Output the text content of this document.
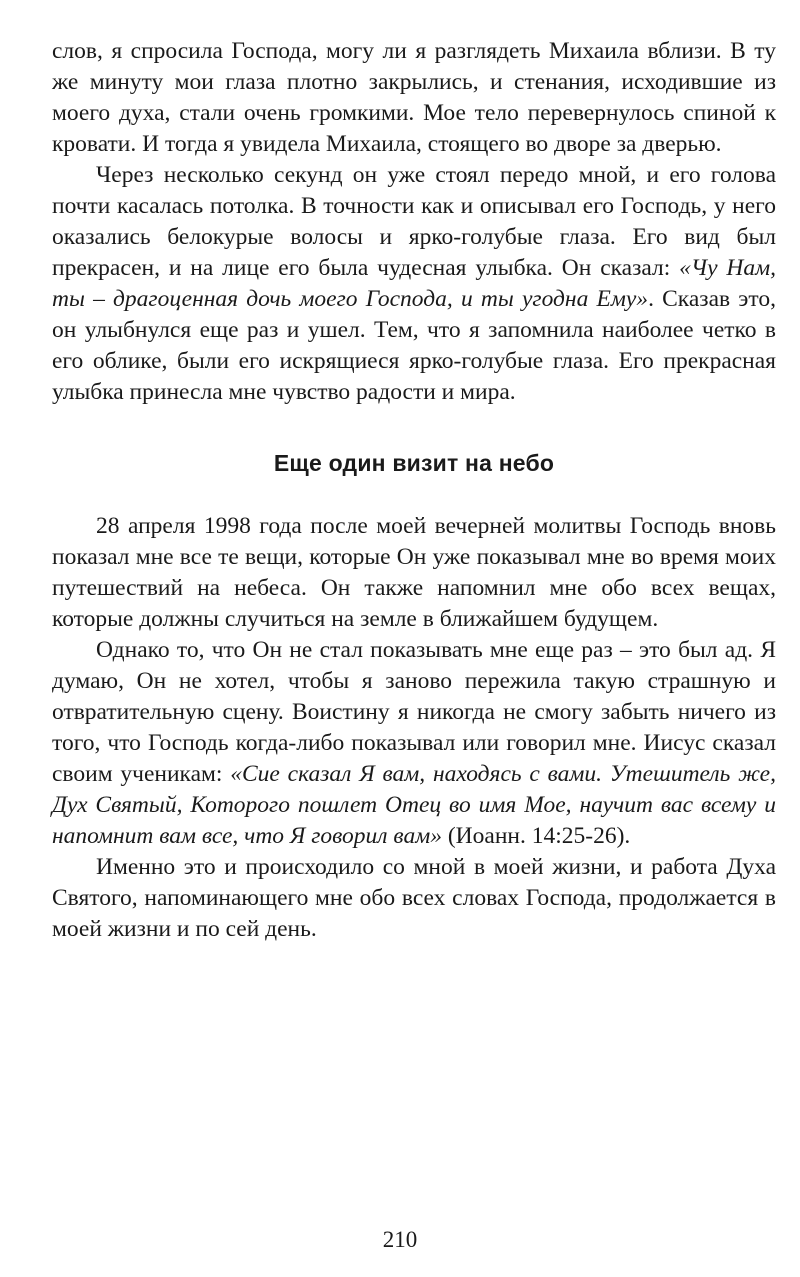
слов, я спросила Господа, могу ли я разглядеть Михаила вблизи. В ту же минуту мои глаза плотно закрылись, и стенания, исходившие из моего духа, стали очень громкими. Мое тело перевернулось спиной к кровати. И тогда я увидела Михаила, стоящего во дворе за дверью.

Через несколько секунд он уже стоял передо мной, и его голова почти касалась потолка. В точности как и описывал его Господь, у него оказались белокурые волосы и ярко-голубые глаза. Его вид был прекрасен, и на лице его была чудесная улыбка. Он сказал: «Чу Нам, ты – драгоценная дочь моего Господа, и ты угодна Ему». Сказав это, он улыбнулся еще раз и ушел. Тем, что я запомнила наиболее четко в его облике, были его искрящиеся ярко-голубые глаза. Его прекрасная улыбка принесла мне чувство радости и мира.

Еще один визит на небо

28 апреля 1998 года после моей вечерней молитвы Господь вновь показал мне все те вещи, которые Он уже показывал мне во время моих путешествий на небеса. Он также напомнил мне обо всех вещах, которые должны случиться на земле в ближайшем будущем.

Однако то, что Он не стал показывать мне еще раз – это был ад. Я думаю, Он не хотел, чтобы я заново пережила такую страшную и отвратительную сцену. Воистину я никогда не смогу забыть ничего из того, что Господь когда-либо показывал или говорил мне. Иисус сказал своим ученикам: «Сие сказал Я вам, находясь с вами. Утешитель же, Дух Святый, Которого пошлет Отец во имя Мое, научит вас всему и напомнит вам все, что Я говорил вам» (Иоанн. 14:25-26).

Именно это и происходило со мной в моей жизни, и работа Духа Святого, напоминающего мне обо всех словах Господа, продолжается в моей жизни и по сей день.

210
